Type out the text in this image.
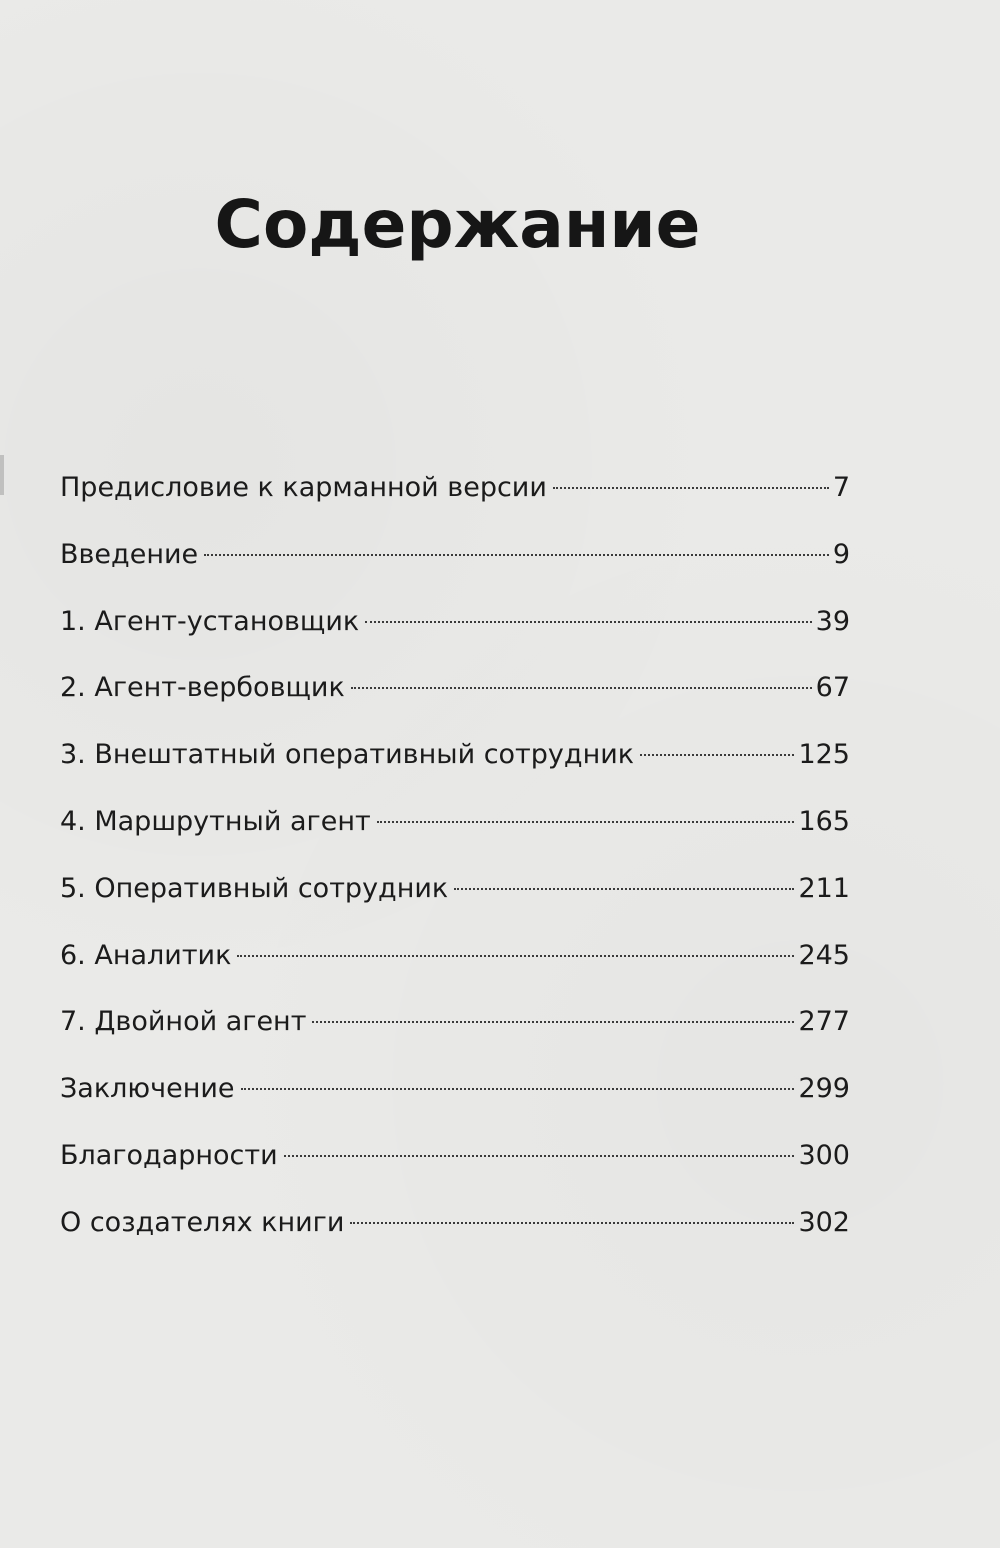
Содержание
Предисловие к карманной версии	7
Введение	9
1. Агент-установщик	39
2. Агент-вербовщик	67
3. Внештатный оперативный сотрудник	125
4. Маршрутный агент	165
5. Оперативный сотрудник	211
6. Аналитик	245
7. Двойной агент	277
Заключение	299
Благодарности	300
О создателях книги	302
